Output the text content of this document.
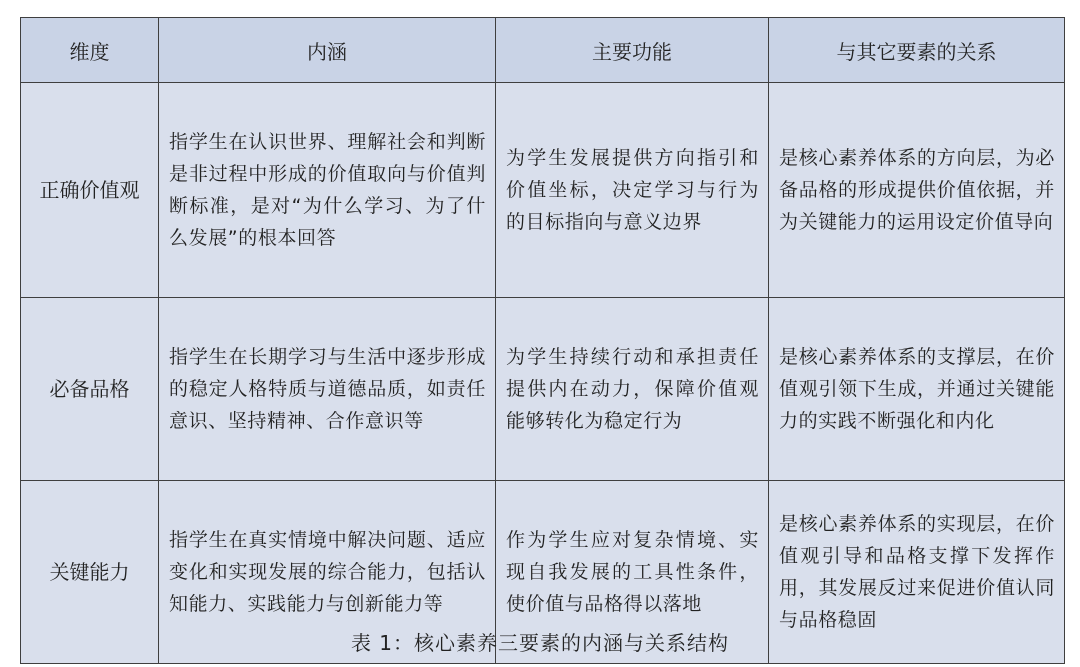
维度	内涵	主要功能	与其它要素的关系
正确价值观	指学生在认识世界、理解社会和判断是非过程中形成的价值取向与价值判断标准，是对“为什么学习、为了什么发展”的根本回答	为学生发展提供方向指引和价值坐标，决定学习与行为的目标指向与意义边界	是核心素养体系的方向层，为必备品格的形成提供价值依据，并为关键能力的运用设定价值导向
必备品格	指学生在长期学习与生活中逐步形成的稳定人格特质与道德品质，如责任意识、坚持精神、合作意识等	为学生持续行动和承担责任提供内在动力，保障价值观能够转化为稳定行为	是核心素养体系的支撑层，在价值观引领下生成，并通过关键能力的实践不断强化和内化
关键能力	指学生在真实情境中解决问题、适应变化和实现发展的综合能力，包括认知能力、实践能力与创新能力等	作为学生应对复杂情境、实现自我发展的工具性条件，使价值与品格得以落地	是核心素养体系的实现层，在价值观引导和品格支撑下发挥作用，其发展反过来促进价值认同与品格稳固
表 1：核心素养三要素的内涵与关系结构
